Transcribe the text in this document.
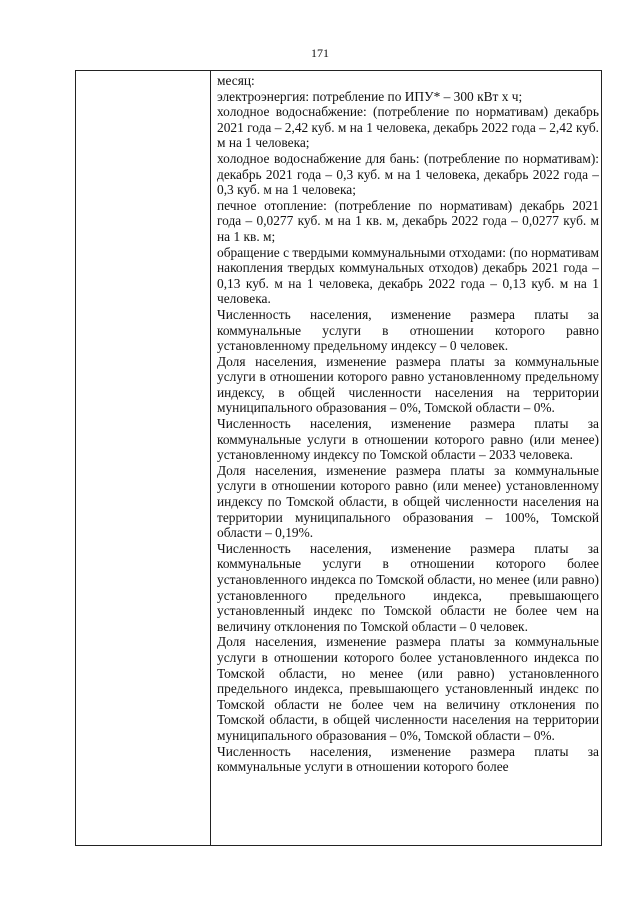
171

месяц:

электроэнергия: потребление по ИПУ* – 300 кВт х ч;

холодное водоснабжение: (потребление по нормативам) декабрь 2021 года – 2,42 куб. м на 1 человека, декабрь 2022 года – 2,42 куб. м на 1 человека;

холодное водоснабжение для бань: (потребление по нормативам): декабрь 2021 года – 0,3 куб. м на 1 человека, декабрь 2022 года – 0,3 куб. м на 1 человека;

печное отопление: (потребление по нормативам) декабрь 2021 года – 0,0277 куб. м на 1 кв. м, декабрь 2022 года – 0,0277 куб. м на 1 кв. м;

обращение с твердыми коммунальными отходами: (по нормативам накопления твердых коммунальных отходов) декабрь 2021 года – 0,13 куб. м на 1 человека, декабрь 2022 года – 0,13 куб. м на 1 человека.

Численность населения, изменение размера платы за коммунальные услуги в отношении которого равно установленному предельному индексу – 0 человек.

Доля населения, изменение размера платы за коммунальные услуги в отношении которого равно установленному предельному индексу, в общей численности населения на территории муниципального образования – 0%, Томской области – 0%.

Численность населения, изменение размера платы за коммунальные услуги в отношении которого равно (или менее) установленному индексу по Томской области – 2033 человека.

Доля населения, изменение размера платы за коммунальные услуги в отношении которого равно (или менее) установленному индексу по Томской области, в общей численности населения на территории муниципального образования – 100%, Томской области – 0,19%.

Численность населения, изменение размера платы за коммунальные услуги в отношении которого более установленного индекса по Томской области, но менее (или равно) установленного предельного индекса, превышающего установленный индекс по Томской области не более чем на величину отклонения по Томской области – 0 человек.

Доля населения, изменение размера платы за коммунальные услуги в отношении которого более установленного индекса по Томской области, но менее (или равно) установленного предельного индекса, превышающего установленный индекс по Томской области не более чем на величину отклонения по Томской области, в общей численности населения на территории муниципального образования – 0%, Томской области – 0%.

Численность населения, изменение размера платы за коммунальные услуги в отношении которого более
